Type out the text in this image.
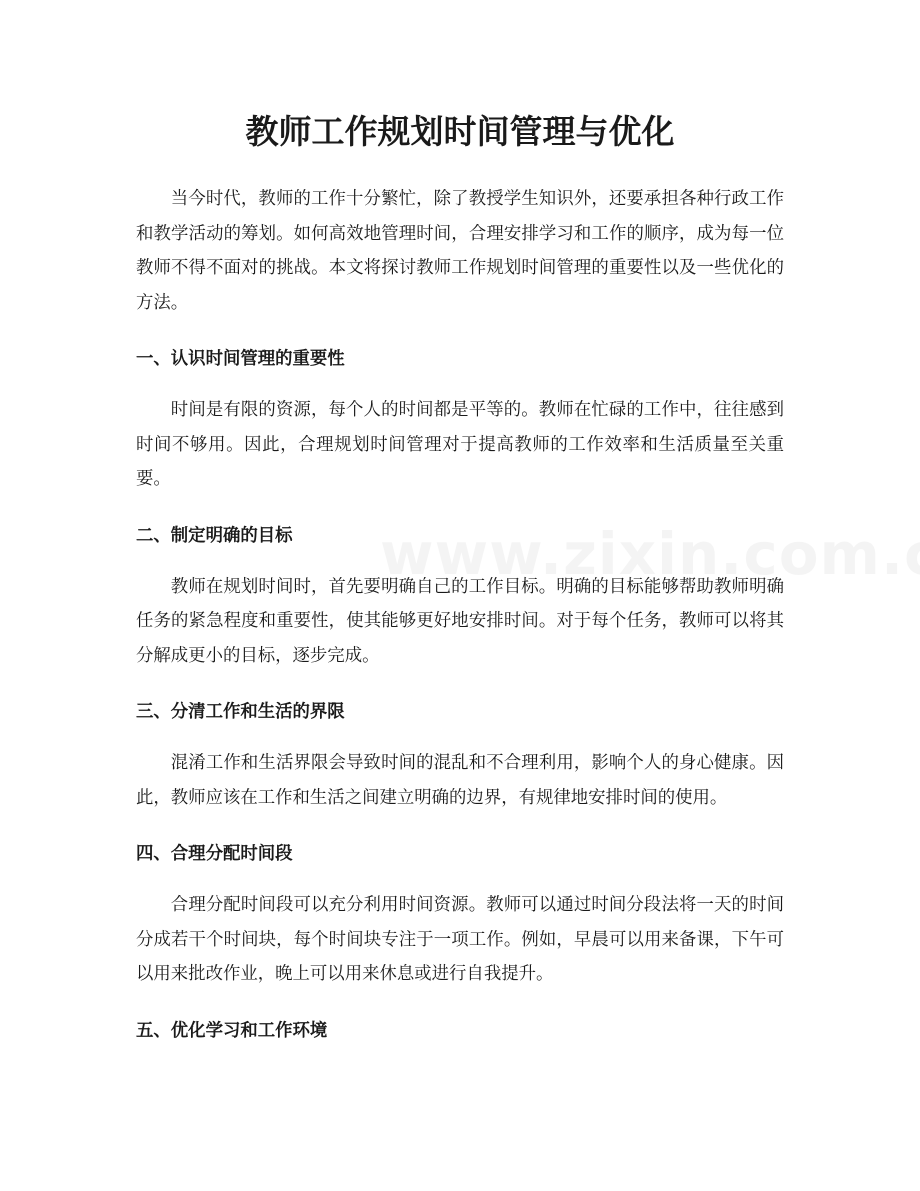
教师工作规划时间管理与优化

当今时代，教师的工作十分繁忙，除了教授学生知识外，还要承担各种行政工作和教学活动的筹划。如何高效地管理时间，合理安排学习和工作的顺序，成为每一位教师不得不面对的挑战。本文将探讨教师工作规划时间管理的重要性以及一些优化的方法。

一、认识时间管理的重要性

时间是有限的资源，每个人的时间都是平等的。教师在忙碌的工作中，往往感到时间不够用。因此，合理规划时间管理对于提高教师的工作效率和生活质量至关重要。

二、制定明确的目标

教师在规划时间时，首先要明确自己的工作目标。明确的目标能够帮助教师明确任务的紧急程度和重要性，使其能够更好地安排时间。对于每个任务，教师可以将其分解成更小的目标，逐步完成。

三、分清工作和生活的界限

混淆工作和生活界限会导致时间的混乱和不合理利用，影响个人的身心健康。因此，教师应该在工作和生活之间建立明确的边界，有规律地安排时间的使用。

四、合理分配时间段

合理分配时间段可以充分利用时间资源。教师可以通过时间分段法将一天的时间分成若干个时间块，每个时间块专注于一项工作。例如，早晨可以用来备课，下午可以用来批改作业，晚上可以用来休息或进行自我提升。

五、优化学习和工作环境
